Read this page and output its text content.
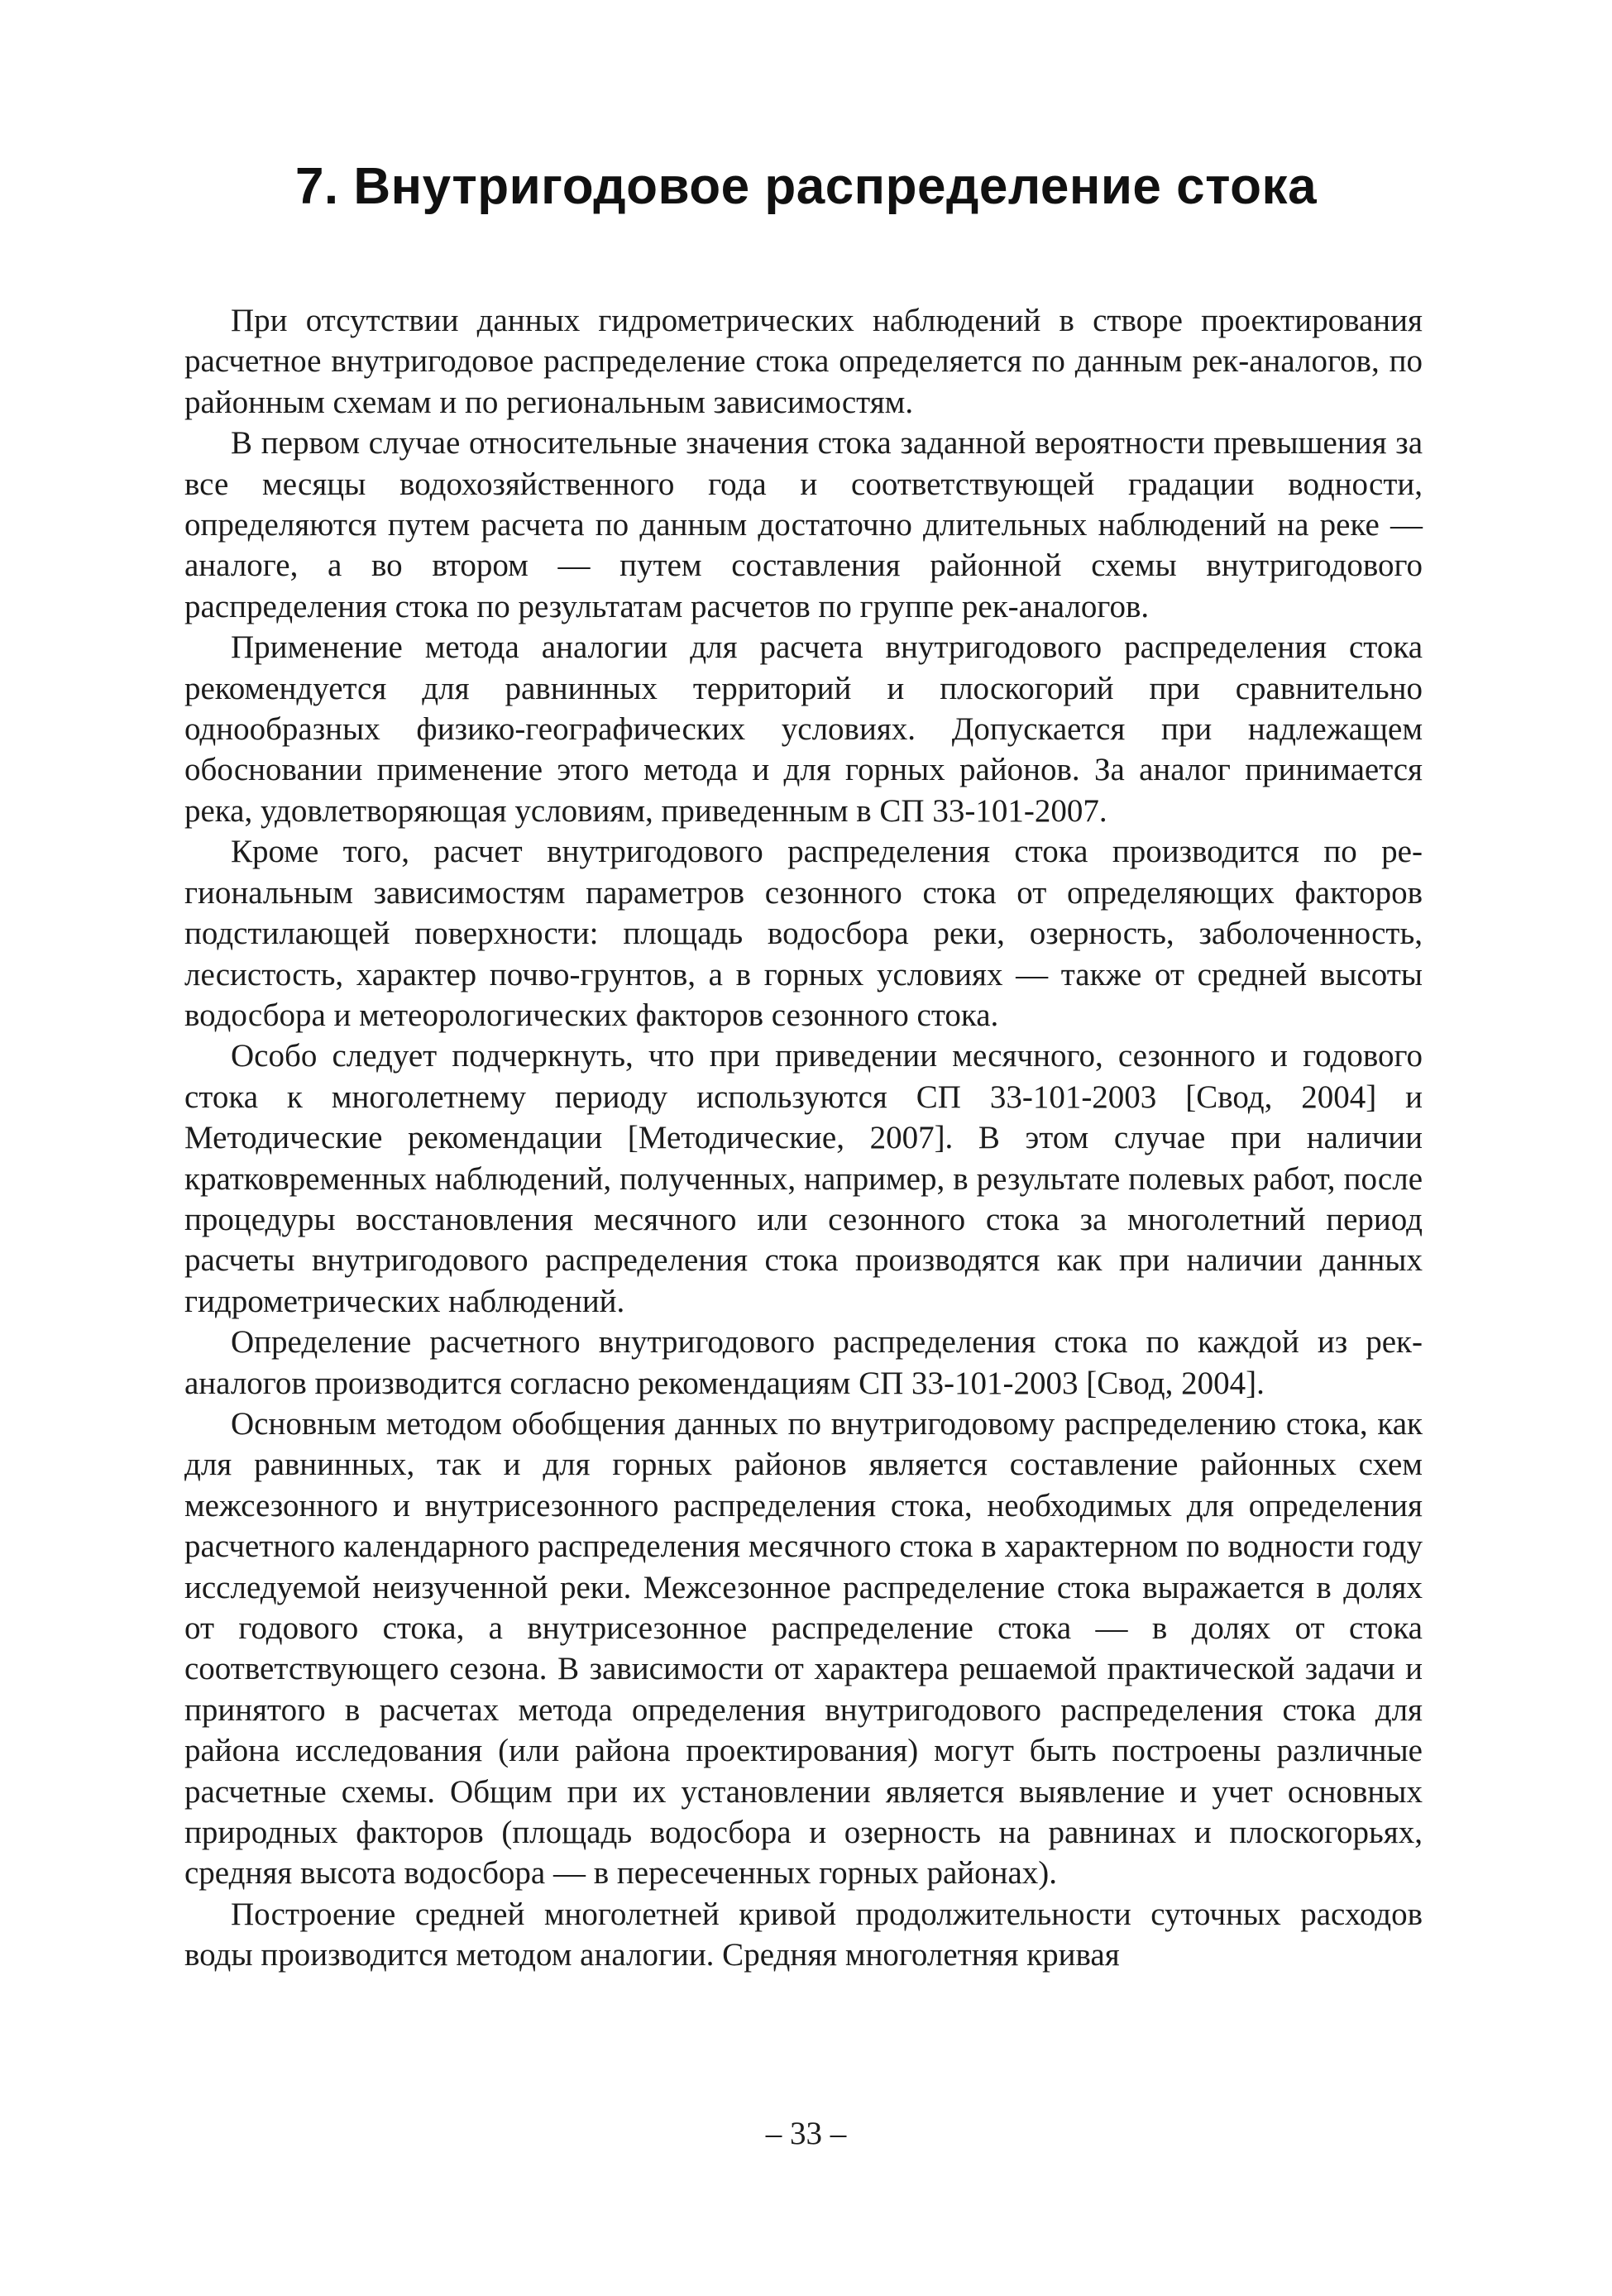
7. Внутригодовое распределение стока

При отсутствии данных гидрометрических наблюдений в створе проектирования расчетное внутригодовое распределение стока определяется по данным рек-аналогов, по районным схемам и по региональным зависимостям.

В первом случае относительные значения стока заданной вероятности превышения за все месяцы водохозяйственного года и соответствующей градации водности, определяются путем расчета по данным достаточно длительных наблюдений на реке — аналоге, а во втором — путем составления районной схемы внутригодового распределения стока по результатам расчетов по группе рек-аналогов.

Применение метода аналогии для расчета внутригодового распределения стока рекомендуется для равнинных территорий и плоскогорий при сравнительно однообразных физико-географических условиях. Допускается при надлежащем обосновании применение этого метода и для горных районов. За аналог принимается река, удовлетворяющая условиям, приведенным в СП 33-101-2007.

Кроме того, расчет внутригодового распределения стока производится по региональным зависимостям параметров сезонного стока от определяющих факторов подстилающей поверхности: площадь водосбора реки, озерность, заболоченность, лесистость, характер почво-грунтов, а в горных условиях — также от средней высоты водосбора и метеорологических факторов сезонного стока.

Особо следует подчеркнуть, что при приведении месячного, сезонного и годового стока к многолетнему периоду используются СП 33-101-2003 [Свод, 2004] и Методические рекомендации [Методические, 2007]. В этом случае при наличии кратковременных наблюдений, полученных, например, в результате полевых работ, после процедуры восстановления месячного или сезонного стока за многолетний период расчеты внутригодового распределения стока производятся как при наличии данных гидрометрических наблюдений.

Определение расчетного внутригодового распределения стока по каждой из рек-аналогов производится согласно рекомендациям СП 33-101-2003 [Свод, 2004].

Основным методом обобщения данных по внутригодовому распределению стока, как для равнинных, так и для горных районов является составление районных схем межсезонного и внутрисезонного распределения стока, необходимых для определения расчетного календарного распределения месячного стока в характерном по водности году исследуемой неизученной реки. Межсезонное распределение стока выражается в долях от годового стока, а внутрисезонное распределение стока — в долях от стока соответствующего сезона. В зависимости от характера решаемой практической задачи и принятого в расчетах метода определения внутригодового распределения стока для района исследования (или района проектирования) могут быть построены различные расчетные схемы. Общим при их установлении является выявление и учет основных природных факторов (площадь водосбора и озерность на равнинах и плоскогорьях, средняя высота водосбора — в пересеченных горных районах).

Построение средней многолетней кривой продолжительности суточных расходов воды производится методом аналогии. Средняя многолетняя кривая

– 33 –
